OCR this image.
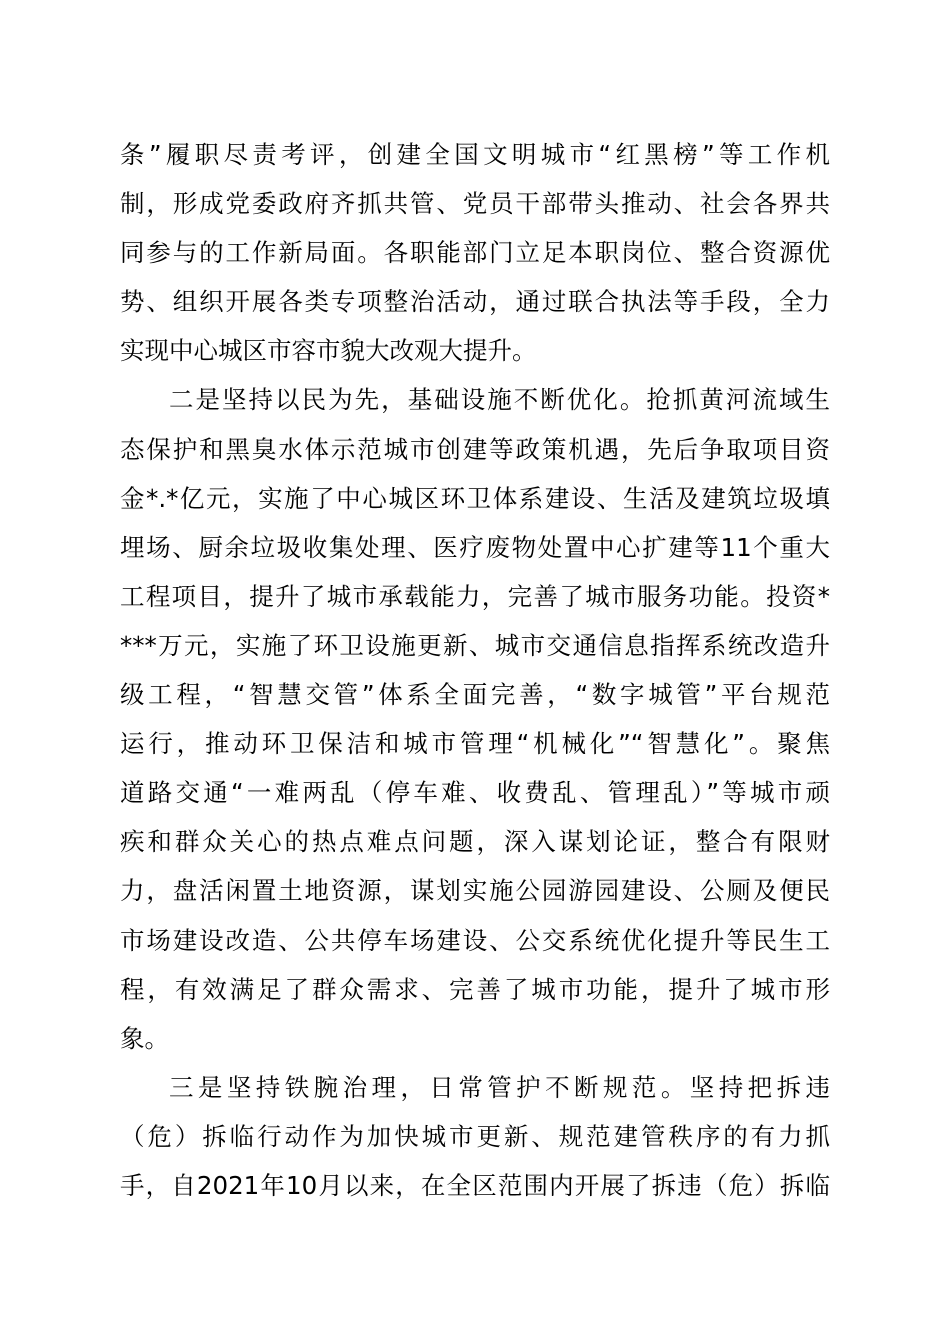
条”履职尽责考评，创建全国文明城市“红黑榜”等工作机
制，形成党委政府齐抓共管、党员干部带头推动、社会各界共
同参与的工作新局面。各职能部门立足本职岗位、整合资源优
势、组织开展各类专项整治活动，通过联合执法等手段，全力
实现中心城区市容市貌大改观大提升。
二是坚持以民为先，基础设施不断优化。抢抓黄河流域生
态保护和黑臭水体示范城市创建等政策机遇，先后争取项目资
金*.*亿元，实施了中心城区环卫体系建设、生活及建筑垃圾填
埋场、厨余垃圾收集处理、医疗废物处置中心扩建等11个重大
工程项目，提升了城市承载能力，完善了城市服务功能。投资*
***万元，实施了环卫设施更新、城市交通信息指挥系统改造升
级工程，“智慧交管”体系全面完善，“数字城管”平台规范
运行，推动环卫保洁和城市管理“机械化”“智慧化”。聚焦
道路交通“一难两乱（停车难、收费乱、管理乱）”等城市顽
疾和群众关心的热点难点问题，深入谋划论证，整合有限财
力，盘活闲置土地资源，谋划实施公园游园建设、公厕及便民
市场建设改造、公共停车场建设、公交系统优化提升等民生工
程，有效满足了群众需求、完善了城市功能，提升了城市形
象。
三是坚持铁腕治理，日常管护不断规范。坚持把拆违
（危）拆临行动作为加快城市更新、规范建管秩序的有力抓
手，自2021年10月以来，在全区范围内开展了拆违（危）拆临
